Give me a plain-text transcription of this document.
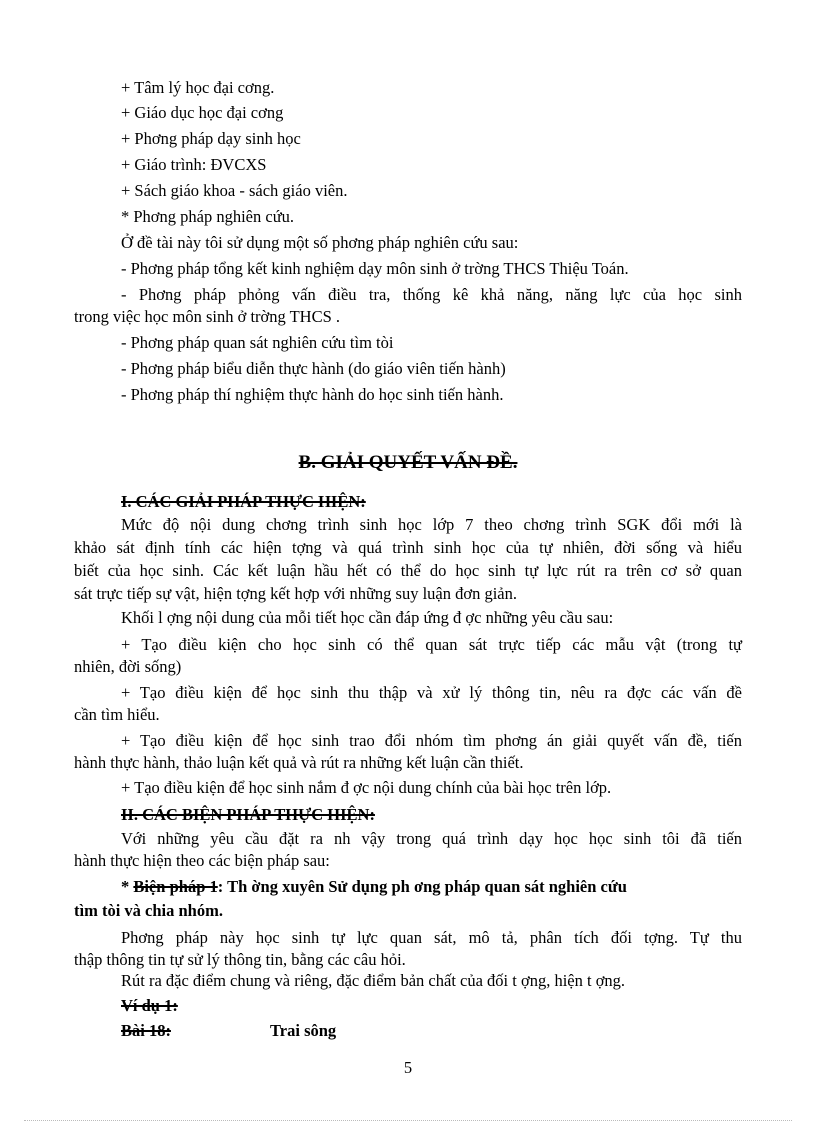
+ Tâm lý học đại cơng.
+ Giáo dục học đại cơng
+ Phơng pháp dạy sinh học
+ Giáo trình: ĐVCXS
+ Sách giáo khoa - sách giáo viên.
* Phơng pháp nghiên cứu.
Ở đề tài này tôi sử dụng một số phơng pháp nghiên cứu sau:
- Phơng pháp tổng kết kinh nghiệm dạy môn sinh ở trờng THCS Thiệu Toán.
- Phơng pháp phỏng vấn điều tra, thống kê khả năng, năng lực của học sinh
trong việc học môn sinh ở trờng THCS .
- Phơng pháp quan sát nghiên cứu tìm tòi
- Phơng pháp biểu diễn thực hành (do giáo viên tiến hành)
- Phơng pháp thí nghiệm thực hành do học sinh tiến hành.
B. GIẢI QUYẾT VẤN ĐỀ.
I. CÁC GIẢI PHÁP THỰC HIỆN:
Mức độ nội dung chơng trình sinh học lớp 7 theo chơng trình SGK đổi mới là
khảo sát định tính các hiện tợng và quá trình sinh học của tự nhiên, đời sống và hiểu
biết của học sinh. Các kết luận hầu hết có thể do học sinh tự lực rút ra trên cơ sở quan
sát trực tiếp sự vật, hiện tợng kết hợp với những suy luận đơn giản.
Khối l ợng nội dung của mỗi tiết học cần đáp ứng đ ợc những yêu cầu sau:
+ Tạo điều kiện cho học sinh có thể quan sát trực tiếp các mẫu vật (trong tự
nhiên, đời sống)
+ Tạo điều kiện để học sinh thu thập và xử lý thông tin, nêu ra đợc các vấn đề
cần tìm hiểu.
+ Tạo điều kiện để học sinh trao đổi nhóm tìm phơng án giải quyết vấn đề, tiến
hành thực hành, thảo luận kết quả và rút ra những kết luận cần thiết.
+ Tạo điều kiện để học sinh nắm đ ợc nội dung chính của bài học trên lớp.
II. CÁC BIỆN PHÁP THỰC HIỆN:
Với những yêu cầu đặt ra nh vậy trong quá trình dạy học học sinh tôi đã tiến
hành thực hiện theo các biện pháp sau:
* Biện pháp 1: Th ờng xuyên Sử dụng ph ơng pháp quan sát nghiên cứu
tìm tòi và chia nhóm.
Phơng pháp này học sinh tự lực quan sát, mô tả, phân tích đối tợng. Tự thu
thập thông tin tự sử lý thông tin, bằng các câu hỏi.
Rút ra đặc điểm chung và riêng, đặc điểm bản chất của đối t ợng, hiện t ợng.
Ví dụ 1:
Bài 18:	Trai sông
5
